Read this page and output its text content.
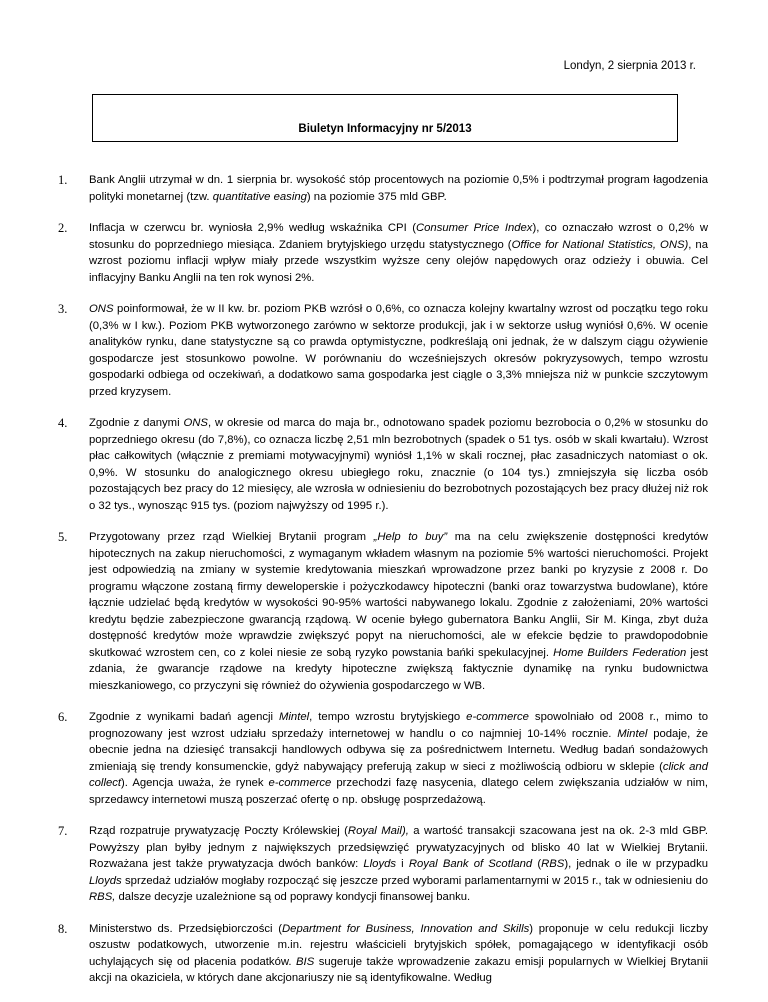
Londyn, 2 sierpnia 2013 r.
Biuletyn Informacyjny nr 5/2013
1. Bank Anglii utrzymał w dn. 1 sierpnia br. wysokość stóp procentowych na poziomie 0,5% i podtrzymał program łagodzenia polityki monetarnej (tzw. quantitative easing) na poziomie 375 mld GBP.
2. Inflacja w czerwcu br. wyniosła 2,9% według wskaźnika CPI (Consumer Price Index), co oznaczało wzrost o 0,2% w stosunku do poprzedniego miesiąca. Zdaniem brytyjskiego urzędu statystycznego (Office for National Statistics, ONS), na wzrost poziomu inflacji wpływ miały przede wszystkim wyższe ceny olejów napędowych oraz odzieży i obuwia. Cel inflacyjny Banku Anglii na ten rok wynosi 2%.
3. ONS poinformował, że w II kw. br. poziom PKB wzrósł o 0,6%, co oznacza kolejny kwartalny wzrost od początku tego roku (0,3% w I kw.). Poziom PKB wytworzonego zarówno w sektorze produkcji, jak i w sektorze usług wyniósł 0,6%. W ocenie analityków rynku, dane statystyczne są co prawda optymistyczne, podkreślają oni jednak, że w dalszym ciągu ożywienie gospodarcze jest stosunkowo powolne. W porównaniu do wcześniejszych okresów pokryzysowych, tempo wzrostu gospodarki odbiega od oczekiwań, a dodatkowo sama gospodarka jest ciągle o 3,3% mniejsza niż w punkcie szczytowym przed kryzysem.
4. Zgodnie z danymi ONS, w okresie od marca do maja br., odnotowano spadek poziomu bezrobocia o 0,2% w stosunku do poprzedniego okresu (do 7,8%), co oznacza liczbę 2,51 mln bezrobotnych (spadek o 51 tys. osób w skali kwartału). Wzrost płac całkowitych (włącznie z premiami motywacyjnymi) wyniósł 1,1% w skali rocznej, płac zasadniczych natomiast o ok. 0,9%. W stosunku do analogicznego okresu ubiegłego roku, znacznie (o 104 tys.) zmniejszyła się liczba osób pozostających bez pracy do 12 miesięcy, ale wzrosła w odniesieniu do bezrobotnych pozostających bez pracy dłużej niż rok o 32 tys., wynosząc 915 tys. (poziom najwyższy od 1995 r.).
5. Przygotowany przez rząd Wielkiej Brytanii program „Help to buy” ma na celu zwiększenie dostępności kredytów hipotecznych na zakup nieruchomości, z wymaganym wkładem własnym na poziomie 5% wartości nieruchomości. Projekt jest odpowiedzią na zmiany w systemie kredytowania mieszkań wprowadzone przez banki po kryzysie z 2008 r. Do programu włączone zostaną firmy deweloperskie i pożyczkodawcy hipoteczni (banki oraz towarzystwa budowlane), które łącznie udzielać będą kredytów w wysokości 90-95% wartości nabywanego lokalu. Zgodnie z założeniami, 20% wartości kredytu będzie zabezpieczone gwarancją rządową. W ocenie byłego gubernatora Banku Anglii, Sir M. Kinga, zbyt duża dostępność kredytów może wprawdzie zwiększyć popyt na nieruchomości, ale w efekcie będzie to prawdopodobnie skutkować wzrostem cen, co z kolei niesie ze sobą ryzyko powstania bańki spekulacyjnej. Home Builders Federation jest zdania, że gwarancje rządowe na kredyty hipoteczne zwiększą faktycznie dynamikę na rynku budownictwa mieszkaniowego, co przyczyni się również do ożywienia gospodarczego w WB.
6. Zgodnie z wynikami badań agencji Mintel, tempo wzrostu brytyjskiego e-commerce spowolniało od 2008 r., mimo to prognozowany jest wzrost udziału sprzedaży internetowej w handlu o co najmniej 10-14% rocznie. Mintel podaje, że obecnie jedna na dziesięć transakcji handlowych odbywa się za pośrednictwem Internetu. Według badań sondażowych zmieniają się trendy konsumenckie, gdyż nabywający preferują zakup w sieci z możliwością odbioru w sklepie (click and collect). Agencja uważa, że rynek e-commerce przechodzi fazę nasycenia, dlatego celem zwiększania udziałów w nim, sprzedawcy internetowi muszą poszerzać ofertę o np. obsługę posprzedażową.
7. Rząd rozpatruje prywatyzację Poczty Królewskiej (Royal Mail), a wartość transakcji szacowana jest na ok. 2-3 mld GBP. Powyższy plan byłby jednym z największych przedsięwzięć prywatyzacyjnych od blisko 40 lat w Wielkiej Brytanii. Rozważana jest także prywatyzacja dwóch banków: Lloyds i Royal Bank of Scotland (RBS), jednak o ile w przypadku Lloyds sprzedaż udziałów mogłaby rozpocząć się jeszcze przed wyborami parlamentarnymi w 2015 r., tak w odniesieniu do RBS, dalsze decyzje uzależnione są od poprawy kondycji finansowej banku.
8. Ministerstwo ds. Przedsiębiorczości (Department for Business, Innovation and Skills) proponuje w celu redukcji liczby oszustw podatkowych, utworzenie m.in. rejestru właścicieli brytyjskich spółek, pomagającego w identyfikacji osób uchylających się od płacenia podatków. BIS sugeruje także wprowadzenie zakazu emisji popularnych w Wielkiej Brytanii akcji na okaziciela, w których dane akcjonariuszy nie są identyfikowalne. Według
